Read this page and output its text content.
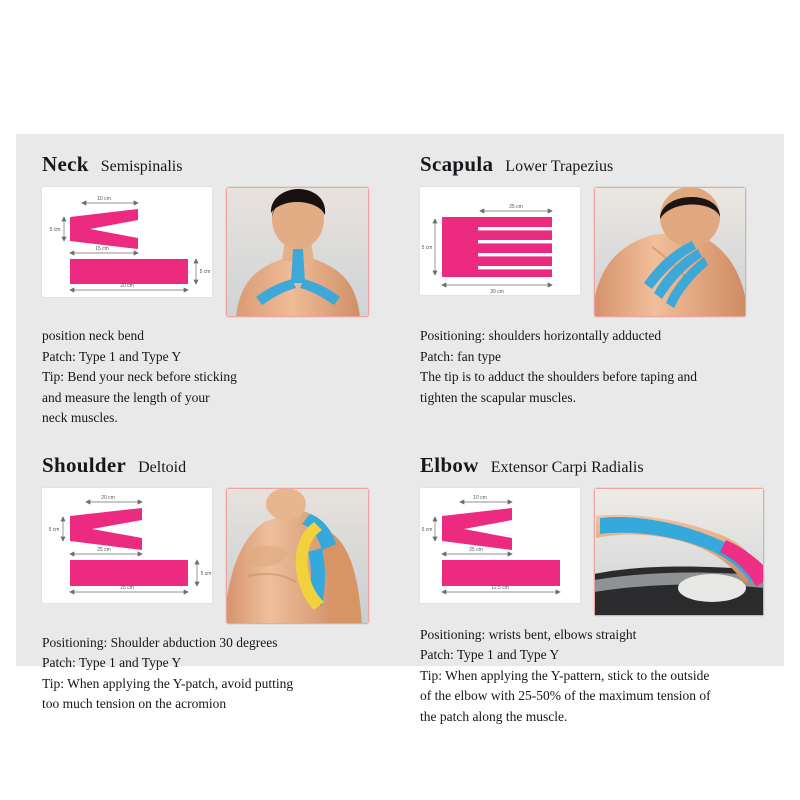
Neck Semispinalis
10 cm
5 cm
15 cm
20 cm
5 cm

position neck bend

Patch: Type 1 and Type Y

Tip: Bend your neck before sticking

and measure the length of your

neck muscles.

Scapula Lower Trapezius
25 cm
5 cm
30 cm

Positioning: shoulders horizontally adducted

Patch: fan type

The tip is to adduct the shoulders before taping and

tighten the scapular muscles.

Shoulder Deltoid
20 cm
5 cm
25 cm
25 cm
5 cm

Positioning: Shoulder abduction 30 degrees

Patch: Type 1 and Type Y

Tip: When applying the Y-patch, avoid putting

too much tension on the acromion

Elbow Extensor Carpi Radialis
10 cm
5 cm
25 cm
12.5 cm

Positioning: wrists bent, elbows straight

Patch: Type 1 and Type Y

Tip: When applying the Y-pattern, stick to the outside

of the elbow with 25-50% of the maximum tension of

the patch along the muscle.
